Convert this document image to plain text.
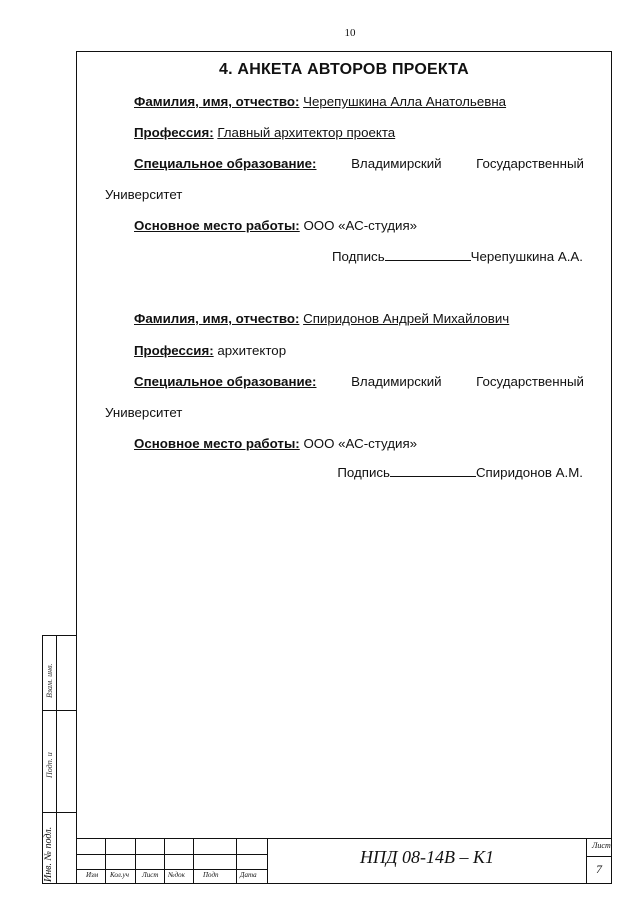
10
4. АНКЕТА АВТОРОВ ПРОЕКТА
Фамилия, имя, отчество: Черепушкина Алла Анатольевна
Профессия: Главный архитектор проекта
Специальное образование:	Владимирский	Государственный
Университет
Основное место работы: ООО «АС-студия»
Подпись	Черепушкина А.А.
Фамилия, имя, отчество: Спиридонов Андрей Михайлович
Профессия: архитектор
Специальное образование:	Владимирский	Государственный
Университет
Основное место работы: ООО «АС-студия»
Подпись	Спиридонов А.М.
Взам. инв.
Подп. и
Инв. № подл.	Изм Кол.уч Лист №док	Подп	Дата
НПД 08-14В – К1
Лист
7
